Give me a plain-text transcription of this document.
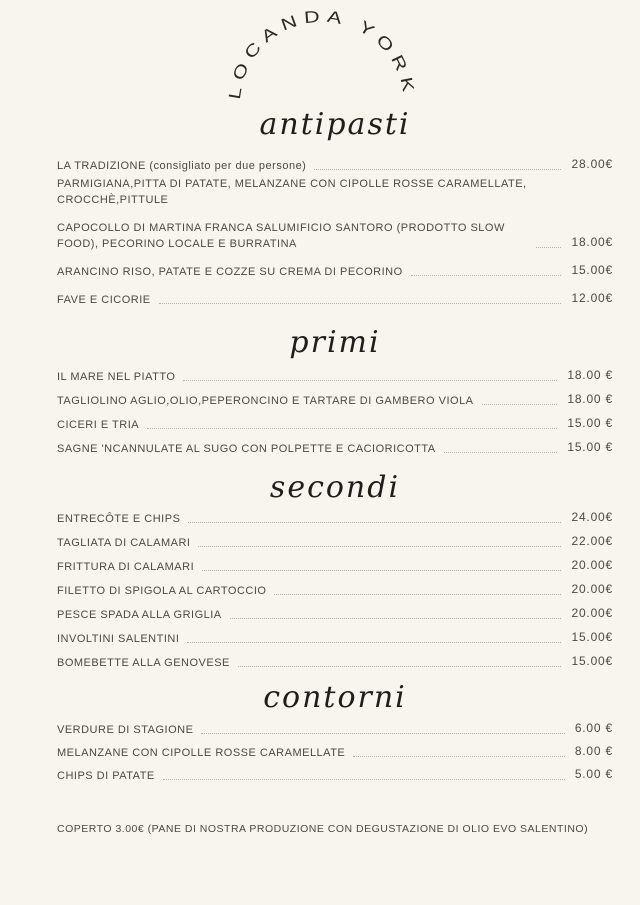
LOCANDA YORK
antipasti
LA TRADIZIONE (consigliato per due persone)	28.00€
PARMIGIANA,PITTA DI PATATE, MELANZANE CON CIPOLLE ROSSE CARAMELLATE, CROCCHÈ,PITTULE
CAPOCOLLO DI MARTINA FRANCA SALUMIFICIO SANTORO (PRODOTTO SLOW FOOD), PECORINO LOCALE E BURRATINA	18.00€
ARANCINO RISO, PATATE E COZZE SU CREMA DI PECORINO	15.00€
FAVE E CICORIE	12.00€
primi
IL MARE NEL PIATTO	18.00 €
TAGLIOLINO AGLIO,OLIO,PEPERONCINO E TARTARE DI GAMBERO VIOLA	18.00 €
CICERI E TRIA	15.00 €
SAGNE 'NCANNULATE AL SUGO CON POLPETTE E CACIORICOTTA	15.00 €
secondi
ENTRECÔTE E CHIPS	24.00€
TAGLIATA DI CALAMARI	22.00€
FRITTURA DI CALAMARI	20.00€
FILETTO DI SPIGOLA AL CARTOCCIO	20.00€
PESCE SPADA ALLA GRIGLIA	20.00€
INVOLTINI SALENTINI	15.00€
BOMEBETTE ALLA GENOVESE	15.00€
contorni
VERDURE DI STAGIONE	6.00 €
MELANZANE CON CIPOLLE ROSSE CARAMELLATE	8.00 €
CHIPS DI PATATE	5.00 €

COPERTO 3.00€ (PANE DI NOSTRA PRODUZIONE CON DEGUSTAZIONE DI OLIO EVO SALENTINO)
